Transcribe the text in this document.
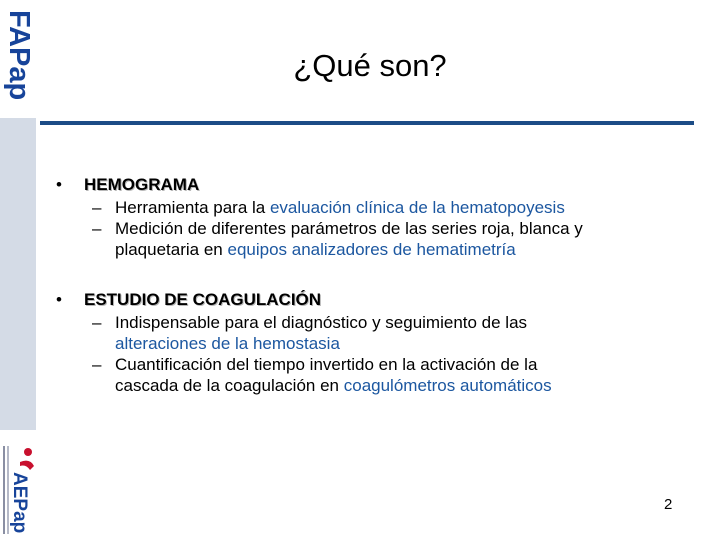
FAPap
AEPap
¿Qué son?
• HEMOGRAMA
– Herramienta para la evaluación clínica de la hematopoyesis
– Medición de diferentes parámetros de las series roja, blanca y
plaquetaria en equipos analizadores de hematimetría
• ESTUDIO DE COAGULACIÓN
– Indispensable para el diagnóstico y seguimiento de las
alteraciones de la hemostasia
– Cuantificación del tiempo invertido en la activación de la
cascada de la coagulación en coagulómetros automáticos
2
